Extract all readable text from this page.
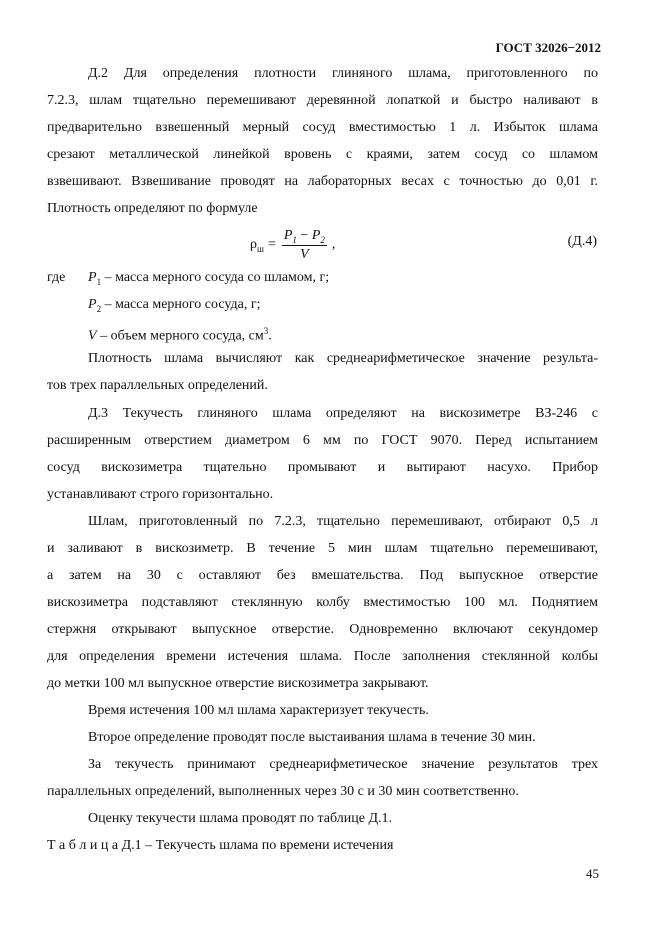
ГОСТ 32026−2012
Д.2 Для определения плотности глиняного шлама, приготовленного по
7.2.3, шлам тщательно перемешивают деревянной лопаткой и быстро наливают в
предварительно взвешенный мерный сосуд вместимостью 1 л. Избыток шлама
срезают металлической линейкой вровень с краями, затем сосуд со шламом
взвешивают. Взвешивание проводят на лабораторных весах с точностью до 0,01 г.
Плотность определяют по формуле
$\rho_ш = \frac{P_1 - P_2}{V}$ ,	(Д.4)
где $P_1$ – масса мерного сосуда со шламом, г;
$P_2$ – масса мерного сосуда, г;
V – объем мерного сосуда, $см^3$.
Плотность шлама вычисляют как среднеарифметическое значение результа-
тов трех параллельных определений.
Д.3 Текучесть глиняного шлама определяют на вискозиметре ВЗ-246 с
расширенным отверстием диаметром 6 мм по ГОСТ 9070. Перед испытанием
сосуд вискозиметра тщательно промывают и вытирают насухо. Прибор
устанавливают строго горизонтально.
Шлам, приготовленный по 7.2.3, тщательно перемешивают, отбирают 0,5 л
и заливают в вискозиметр. В течение 5 мин шлам тщательно перемешивают,
а затем на 30 с оставляют без вмешательства. Под выпускное отверстие
вискозиметра подставляют стеклянную колбу вместимостью 100 мл. Поднятием
стержня открывают выпускное отверстие. Одновременно включают секундомер
для определения времени истечения шлама. После заполнения стеклянной колбы
до метки 100 мл выпускное отверстие вискозиметра закрывают.
Время истечения 100 мл шлама характеризует текучесть.
Второе определение проводят после выстаивания шлама в течение 30 мин.
За текучесть принимают среднеарифметическое значение результатов трех
параллельных определений, выполненных через 30 с и 30 мин соответственно.
Оценку текучести шлама проводят по таблице Д.1.
Т а б л и ц а Д.1 – Текучесть шлама по времени истечения
45
